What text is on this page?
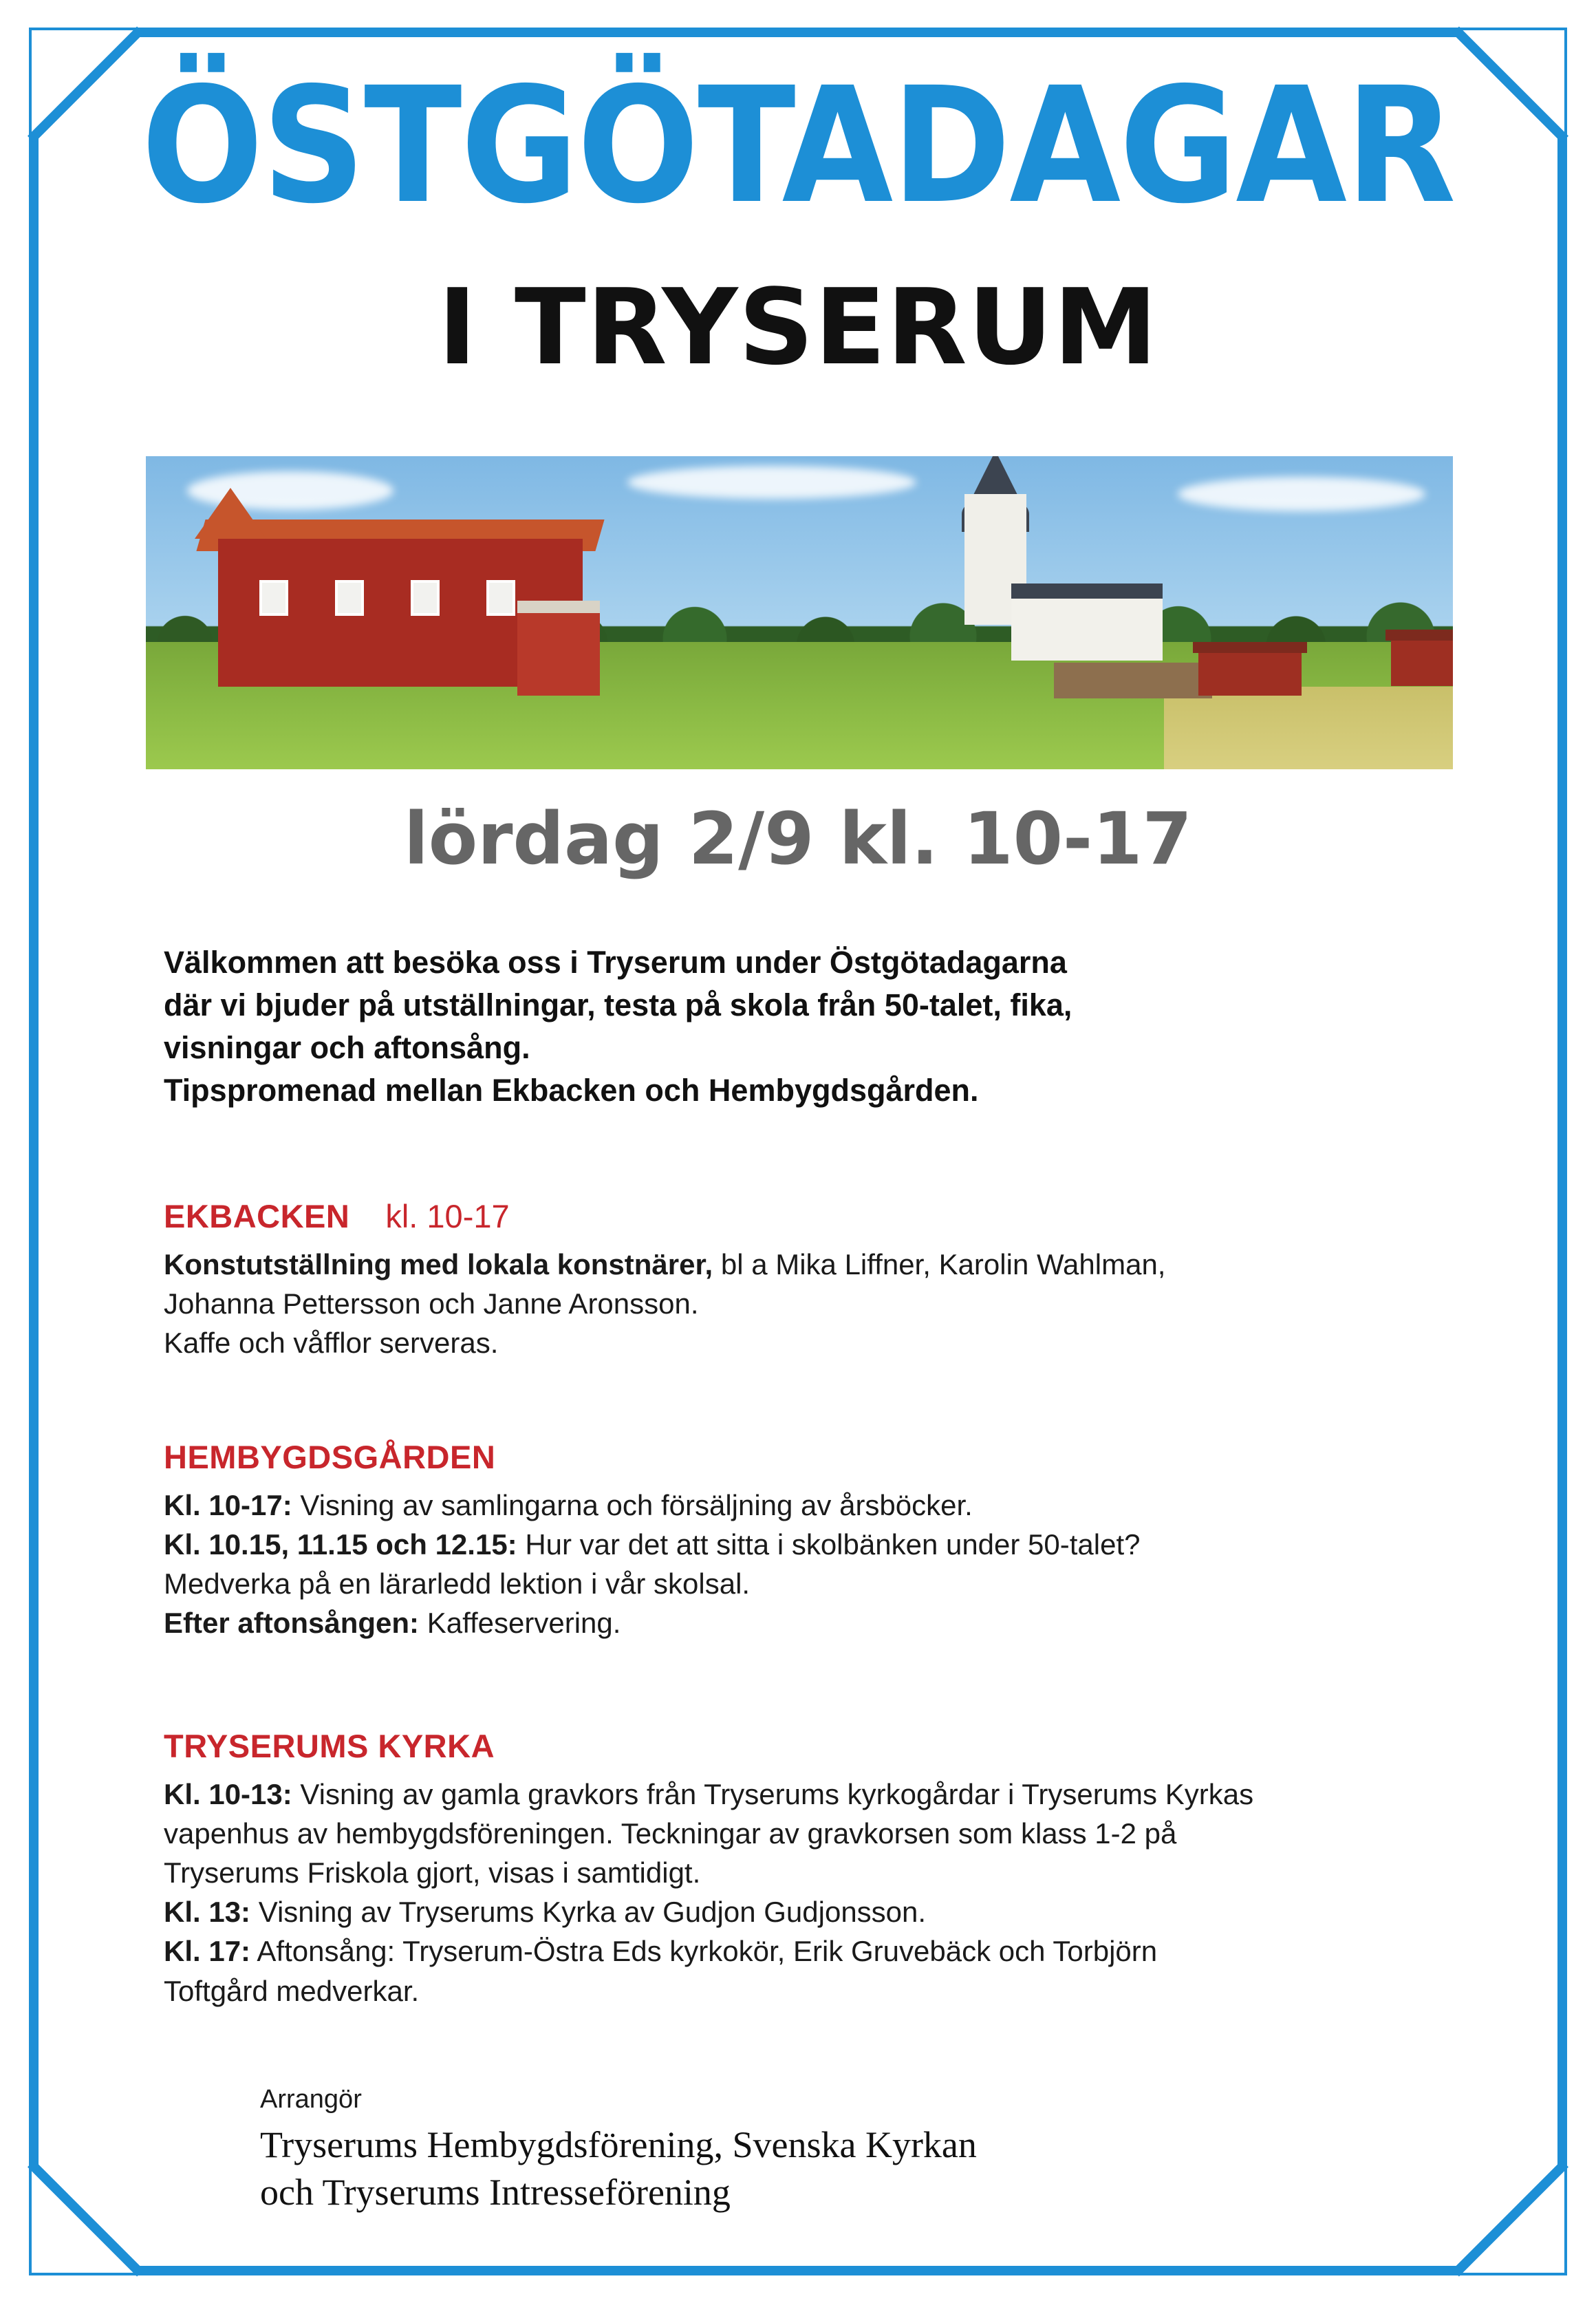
ÖSTGÖTADAGAR
I TRYSERUM
lördag 2/9 kl. 10-17
Välkommen att besöka oss i Tryserum under Östgötadagarna
där vi bjuder på utställningar, testa på skola från 50-talet, fika,
visningar och aftonsång.
Tipspromenad mellan Ekbacken och Hembygdsgården.
EKBACKEN kl. 10-17
Konstutställning med lokala konstnärer, bl a Mika Liffner, Karolin Wahlman,
Johanna Pettersson och Janne Aronsson.
Kaffe och våfflor serveras.
HEMBYGDSGÅRDEN
Kl. 10-17: Visning av samlingarna och försäljning av årsböcker.
Kl. 10.15, 11.15 och 12.15: Hur var det att sitta i skolbänken under 50-talet?
Medverka på en lärarledd lektion i vår skolsal.
Efter aftonsången: Kaffeservering.
TRYSERUMS KYRKA
Kl. 10-13: Visning av gamla gravkors från Tryserums kyrkogårdar i Tryserums Kyrkas
vapenhus av hembygdsföreningen. Teckningar av gravkorsen som klass 1-2 på
Tryserums Friskola gjort, visas i samtidigt.
Kl. 13: Visning av Tryserums Kyrka av Gudjon Gudjonsson.
Kl. 17: Aftonsång: Tryserum-Östra Eds kyrkokör, Erik Gruvebäck och Torbjörn
Toftgård medverkar.
Arrangör
Tryserums Hembygdsförening, Svenska Kyrkan
och Tryserums Intresseförening
